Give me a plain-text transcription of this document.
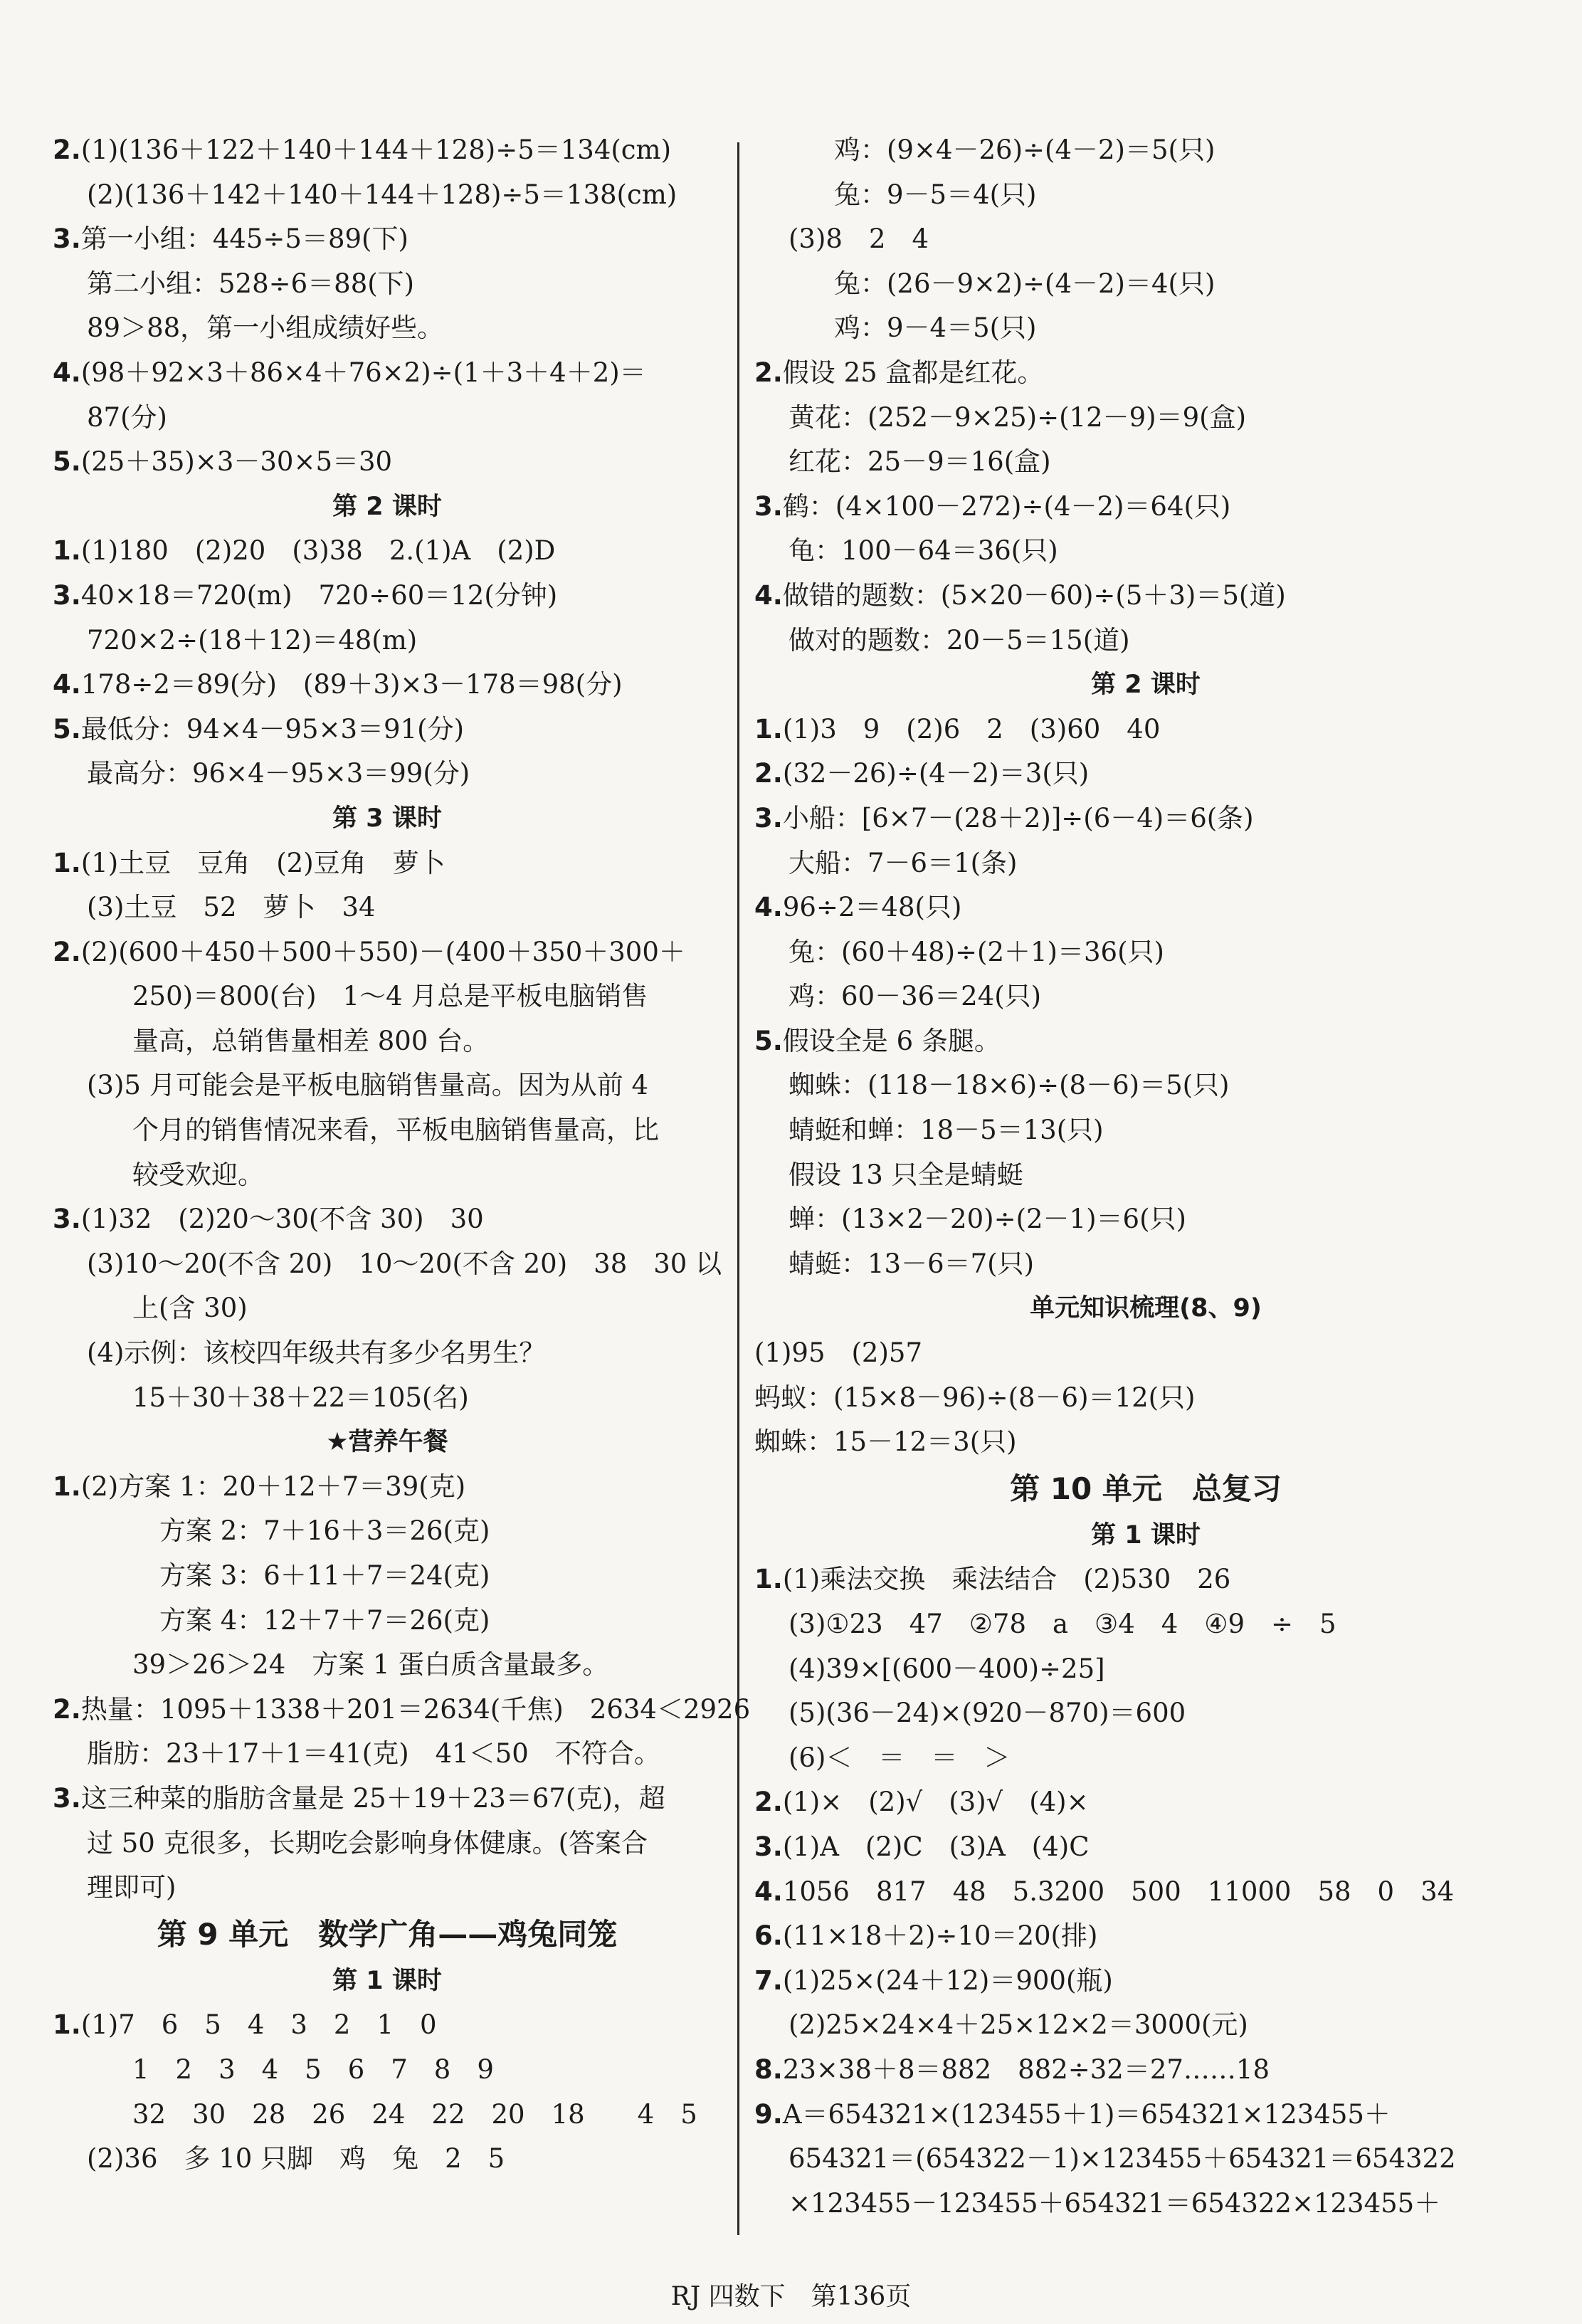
2.(1)(136＋122＋140＋144＋128)÷5＝134(cm)
(2)(136＋142＋140＋144＋128)÷5＝138(cm)
3.第一小组：445÷5＝89(下)
第二小组：528÷6＝88(下)
89＞88，第一小组成绩好些。
4.(98＋92×3＋86×4＋76×2)÷(1＋3＋4＋2)＝
87(分)
5.(25＋35)×3－30×5＝30
第 2 课时
1.(1)180　(2)20　(3)38　2.(1)A　(2)D
3.40×18＝720(m)　720÷60＝12(分钟)
720×2÷(18＋12)＝48(m)
4.178÷2＝89(分)　(89＋3)×3－178＝98(分)
5.最低分：94×4－95×3＝91(分)
最高分：96×4－95×3＝99(分)
第 3 课时
1.(1)土豆　豆角　(2)豆角　萝卜
(3)土豆　52　萝卜　34
2.(2)(600＋450＋500＋550)－(400＋350＋300＋
250)＝800(台)　1～4 月总是平板电脑销售
量高，总销售量相差 800 台。
(3)5 月可能会是平板电脑销售量高。因为从前 4
个月的销售情况来看，平板电脑销售量高，比
较受欢迎。
3.(1)32　(2)20～30(不含 30)　30
(3)10～20(不含 20)　10～20(不含 20)　38　30 以
上(含 30)
(4)示例：该校四年级共有多少名男生？
15＋30＋38＋22＝105(名)
★营养午餐
1.(2)方案 1：20＋12＋7＝39(克)
方案 2：7＋16＋3＝26(克)
方案 3：6＋11＋7＝24(克)
方案 4：12＋7＋7＝26(克)
39＞26＞24　方案 1 蛋白质含量最多。
2.热量：1095＋1338＋201＝2634(千焦)　2634＜2926
脂肪：23＋17＋1＝41(克)　41＜50　不符合。
3.这三种菜的脂肪含量是 25＋19＋23＝67(克)，超
过 50 克很多，长期吃会影响身体健康。(答案合
理即可)
第 9 单元　数学广角——鸡兔同笼
第 1 课时
1.(1)7　6　5　4　3　2　1　0
1　2　3　4　5　6　7　8　9
32　30　28　26　24　22　20　18　　4　5
(2)36　多 10 只脚　鸡　兔　2　5
鸡：(9×4－26)÷(4－2)＝5(只)
兔：9－5＝4(只)
(3)8　2　4
兔：(26－9×2)÷(4－2)＝4(只)
鸡：9－4＝5(只)
2.假设 25 盒都是红花。
黄花：(252－9×25)÷(12－9)＝9(盒)
红花：25－9＝16(盒)
3.鹤：(4×100－272)÷(4－2)＝64(只)
龟：100－64＝36(只)
4.做错的题数：(5×20－60)÷(5＋3)＝5(道)
做对的题数：20－5＝15(道)
第 2 课时
1.(1)3　9　(2)6　2　(3)60　40
2.(32－26)÷(4－2)＝3(只)
3.小船：[6×7－(28＋2)]÷(6－4)＝6(条)
大船：7－6＝1(条)
4.96÷2＝48(只)
兔：(60＋48)÷(2＋1)＝36(只)
鸡：60－36＝24(只)
5.假设全是 6 条腿。
蜘蛛：(118－18×6)÷(8－6)＝5(只)
蜻蜓和蝉：18－5＝13(只)
假设 13 只全是蜻蜓
蝉：(13×2－20)÷(2－1)＝6(只)
蜻蜓：13－6＝7(只)
单元知识梳理(8、9)
(1)95　(2)57
蚂蚁：(15×8－96)÷(8－6)＝12(只)
蜘蛛：15－12＝3(只)
第 10 单元　总复习
第 1 课时
1.(1)乘法交换　乘法结合　(2)530　26
(3)①23　47　②78　a　③4　4　④9　÷　5
(4)39×[(600－400)÷25]
(5)(36－24)×(920－870)＝600
(6)＜　＝　＝　＞
2.(1)×　(2)√　(3)√　(4)×
3.(1)A　(2)C　(3)A　(4)C
4.1056　817　48　5.3200　500　11000　58　0　34
6.(11×18＋2)÷10＝20(排)
7.(1)25×(24＋12)＝900(瓶)
(2)25×24×4＋25×12×2＝3000(元)
8.23×38＋8＝882　882÷32＝27……18
9.A＝654321×(123455＋1)＝654321×123455＋
654321＝(654322－1)×123455＋654321＝654322
×123455－123455＋654321＝654322×123455＋
RJ 四数下　第136页
